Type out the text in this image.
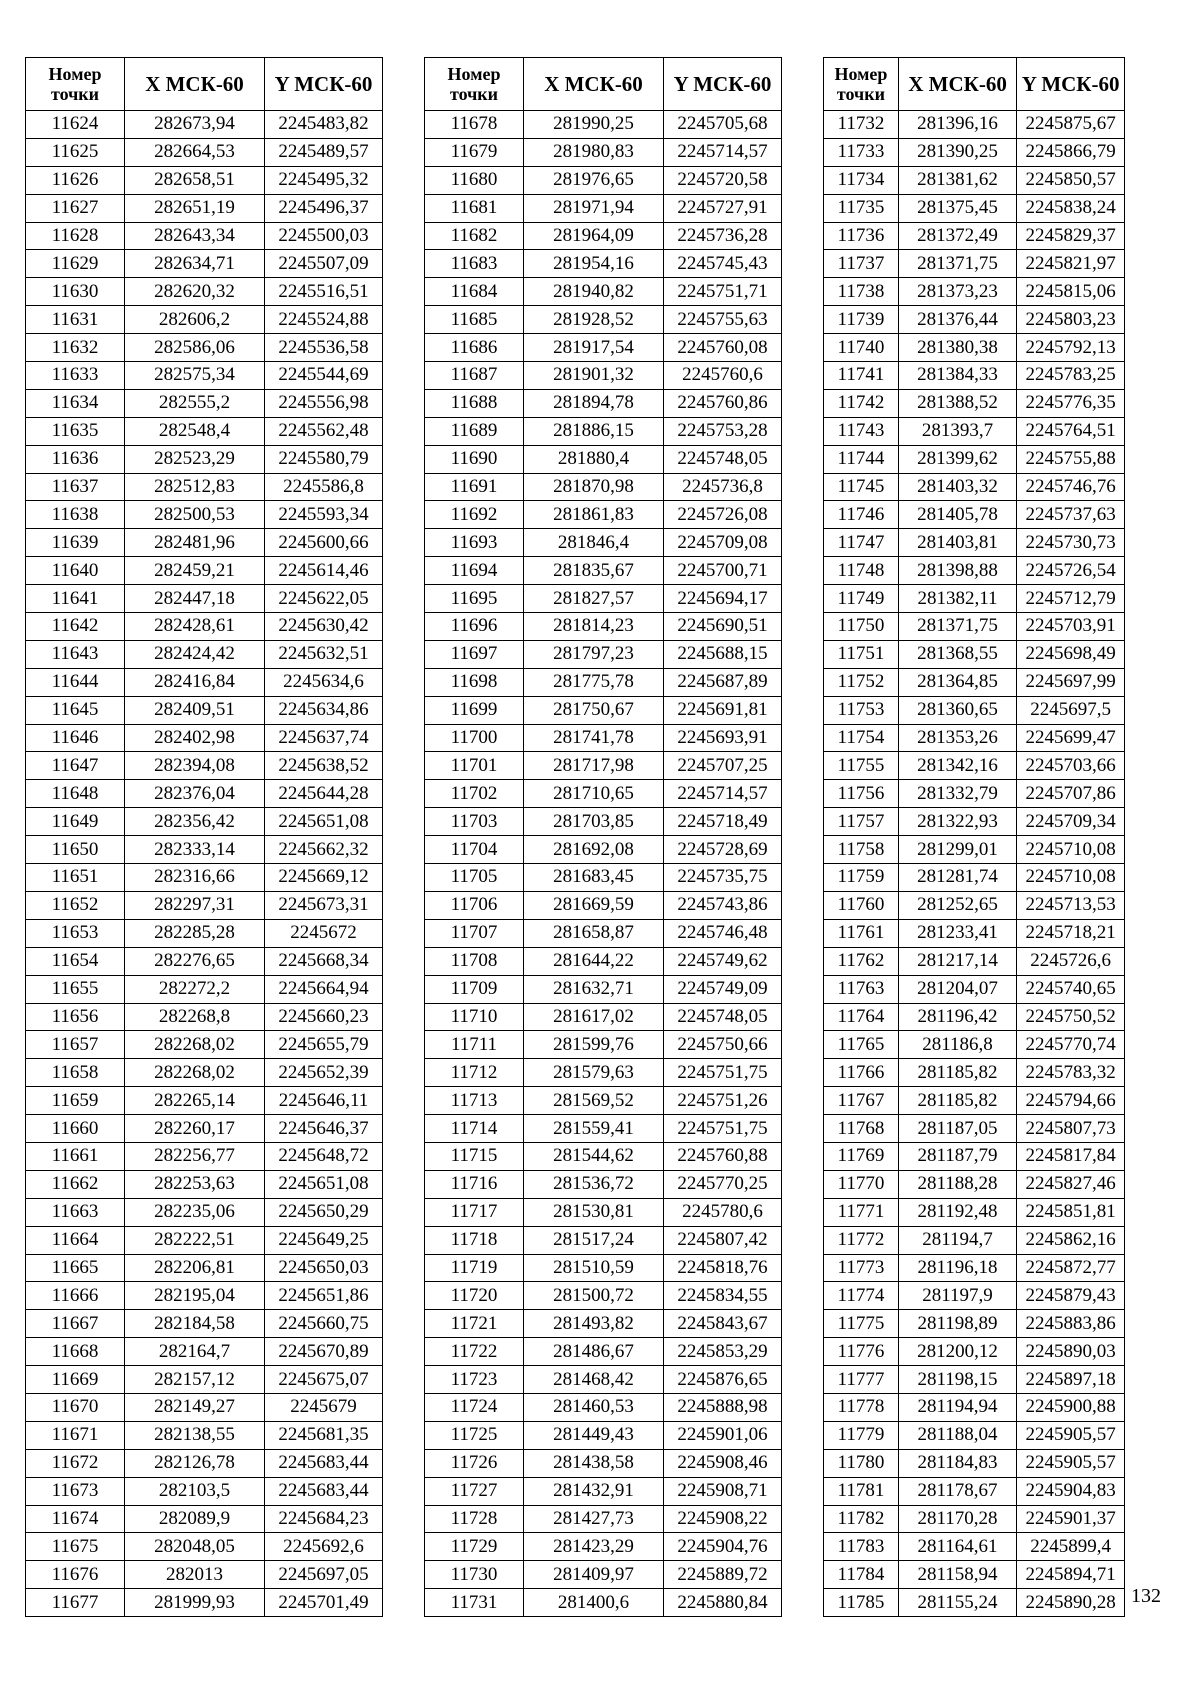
Номер точки	X МСК-60	Y МСК-60
11624	282673,94	2245483,82
11625	282664,53	2245489,57
11626	282658,51	2245495,32
11627	282651,19	2245496,37
11628	282643,34	2245500,03
11629	282634,71	2245507,09
11630	282620,32	2245516,51
11631	282606,2	2245524,88
11632	282586,06	2245536,58
11633	282575,34	2245544,69
11634	282555,2	2245556,98
11635	282548,4	2245562,48
11636	282523,29	2245580,79
11637	282512,83	2245586,8
11638	282500,53	2245593,34
11639	282481,96	2245600,66
11640	282459,21	2245614,46
11641	282447,18	2245622,05
11642	282428,61	2245630,42
11643	282424,42	2245632,51
11644	282416,84	2245634,6
11645	282409,51	2245634,86
11646	282402,98	2245637,74
11647	282394,08	2245638,52
11648	282376,04	2245644,28
11649	282356,42	2245651,08
11650	282333,14	2245662,32
11651	282316,66	2245669,12
11652	282297,31	2245673,31
11653	282285,28	2245672
11654	282276,65	2245668,34
11655	282272,2	2245664,94
11656	282268,8	2245660,23
11657	282268,02	2245655,79
11658	282268,02	2245652,39
11659	282265,14	2245646,11
11660	282260,17	2245646,37
11661	282256,77	2245648,72
11662	282253,63	2245651,08
11663	282235,06	2245650,29
11664	282222,51	2245649,25
11665	282206,81	2245650,03
11666	282195,04	2245651,86
11667	282184,58	2245660,75
11668	282164,7	2245670,89
11669	282157,12	2245675,07
11670	282149,27	2245679
11671	282138,55	2245681,35
11672	282126,78	2245683,44
11673	282103,5	2245683,44
11674	282089,9	2245684,23
11675	282048,05	2245692,6
11676	282013	2245697,05
11677	281999,93	2245701,49
Номер точки	X МСК-60	Y МСК-60
11678	281990,25	2245705,68
11679	281980,83	2245714,57
11680	281976,65	2245720,58
11681	281971,94	2245727,91
11682	281964,09	2245736,28
11683	281954,16	2245745,43
11684	281940,82	2245751,71
11685	281928,52	2245755,63
11686	281917,54	2245760,08
11687	281901,32	2245760,6
11688	281894,78	2245760,86
11689	281886,15	2245753,28
11690	281880,4	2245748,05
11691	281870,98	2245736,8
11692	281861,83	2245726,08
11693	281846,4	2245709,08
11694	281835,67	2245700,71
11695	281827,57	2245694,17
11696	281814,23	2245690,51
11697	281797,23	2245688,15
11698	281775,78	2245687,89
11699	281750,67	2245691,81
11700	281741,78	2245693,91
11701	281717,98	2245707,25
11702	281710,65	2245714,57
11703	281703,85	2245718,49
11704	281692,08	2245728,69
11705	281683,45	2245735,75
11706	281669,59	2245743,86
11707	281658,87	2245746,48
11708	281644,22	2245749,62
11709	281632,71	2245749,09
11710	281617,02	2245748,05
11711	281599,76	2245750,66
11712	281579,63	2245751,75
11713	281569,52	2245751,26
11714	281559,41	2245751,75
11715	281544,62	2245760,88
11716	281536,72	2245770,25
11717	281530,81	2245780,6
11718	281517,24	2245807,42
11719	281510,59	2245818,76
11720	281500,72	2245834,55
11721	281493,82	2245843,67
11722	281486,67	2245853,29
11723	281468,42	2245876,65
11724	281460,53	2245888,98
11725	281449,43	2245901,06
11726	281438,58	2245908,46
11727	281432,91	2245908,71
11728	281427,73	2245908,22
11729	281423,29	2245904,76
11730	281409,97	2245889,72
11731	281400,6	2245880,84
Номер точки	X МСК-60	Y МСК-60
11732	281396,16	2245875,67
11733	281390,25	2245866,79
11734	281381,62	2245850,57
11735	281375,45	2245838,24
11736	281372,49	2245829,37
11737	281371,75	2245821,97
11738	281373,23	2245815,06
11739	281376,44	2245803,23
11740	281380,38	2245792,13
11741	281384,33	2245783,25
11742	281388,52	2245776,35
11743	281393,7	2245764,51
11744	281399,62	2245755,88
11745	281403,32	2245746,76
11746	281405,78	2245737,63
11747	281403,81	2245730,73
11748	281398,88	2245726,54
11749	281382,11	2245712,79
11750	281371,75	2245703,91
11751	281368,55	2245698,49
11752	281364,85	2245697,99
11753	281360,65	2245697,5
11754	281353,26	2245699,47
11755	281342,16	2245703,66
11756	281332,79	2245707,86
11757	281322,93	2245709,34
11758	281299,01	2245710,08
11759	281281,74	2245710,08
11760	281252,65	2245713,53
11761	281233,41	2245718,21
11762	281217,14	2245726,6
11763	281204,07	2245740,65
11764	281196,42	2245750,52
11765	281186,8	2245770,74
11766	281185,82	2245783,32
11767	281185,82	2245794,66
11768	281187,05	2245807,73
11769	281187,79	2245817,84
11770	281188,28	2245827,46
11771	281192,48	2245851,81
11772	281194,7	2245862,16
11773	281196,18	2245872,77
11774	281197,9	2245879,43
11775	281198,89	2245883,86
11776	281200,12	2245890,03
11777	281198,15	2245897,18
11778	281194,94	2245900,88
11779	281188,04	2245905,57
11780	281184,83	2245905,57
11781	281178,67	2245904,83
11782	281170,28	2245901,37
11783	281164,61	2245899,4
11784	281158,94	2245894,71
11785	281155,24	2245890,28 132
